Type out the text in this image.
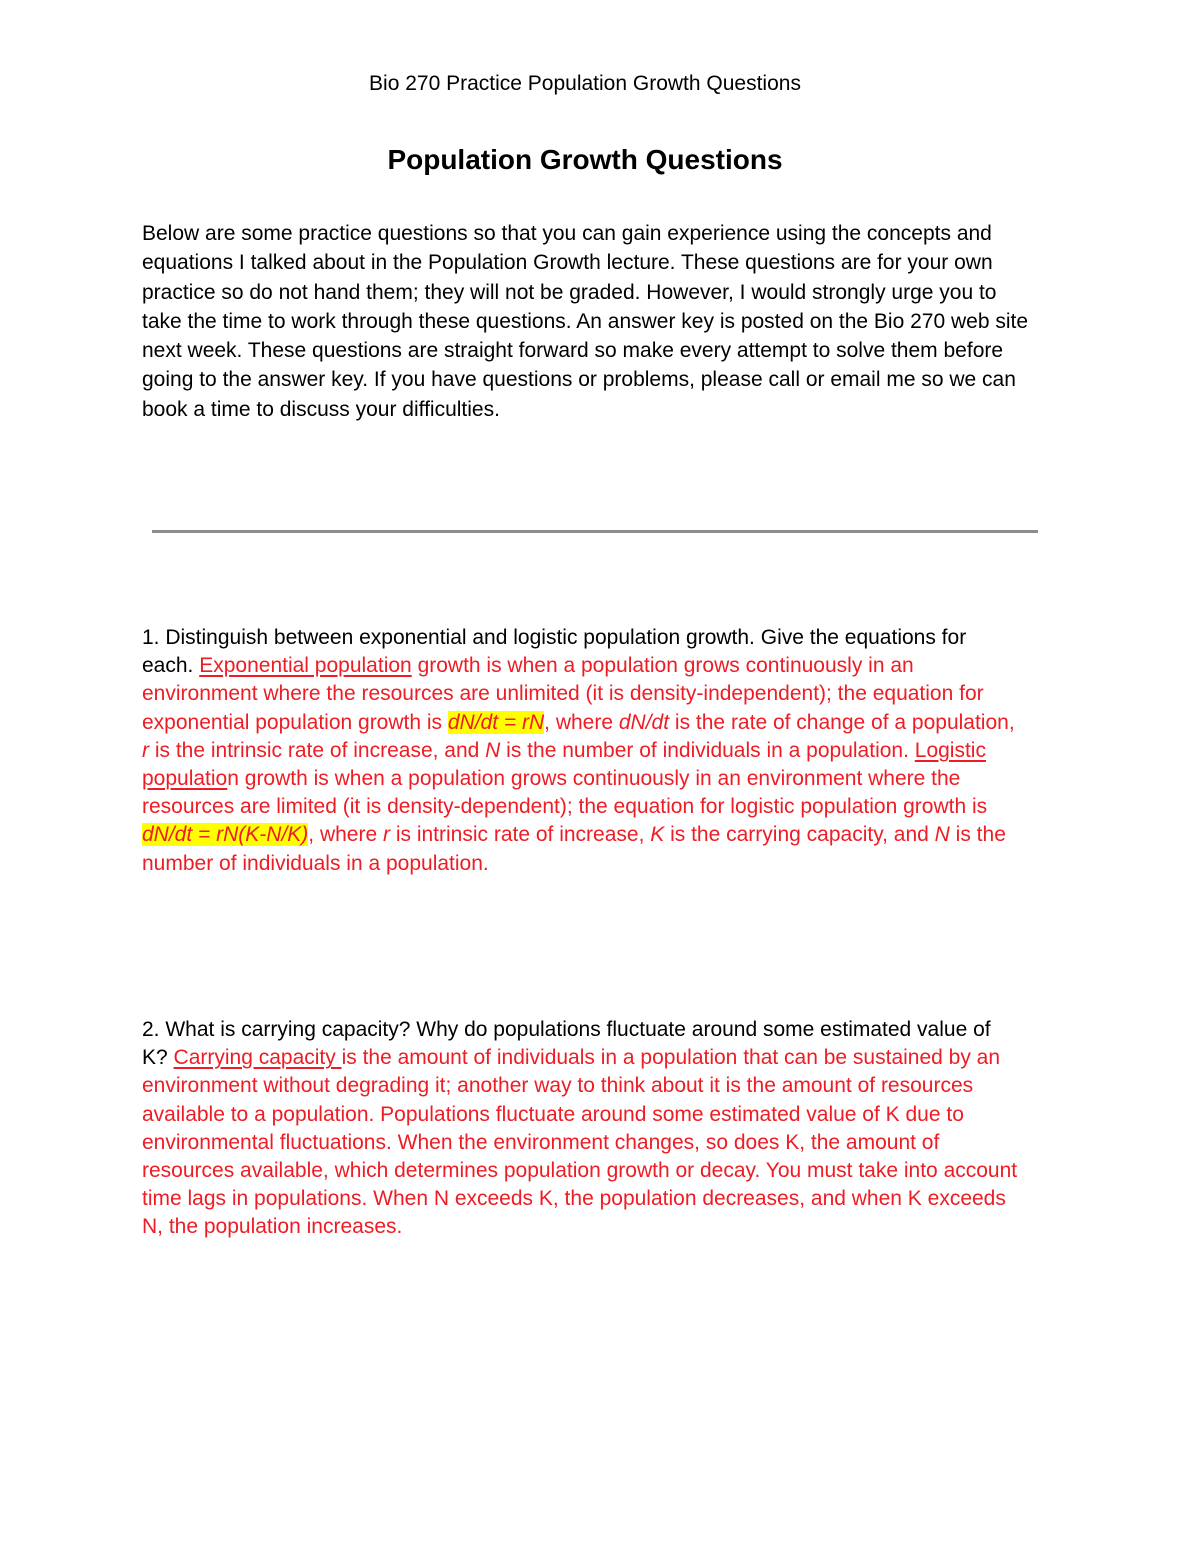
Bio 270 Practice Population Growth Questions
Population Growth Questions

Below are some practice questions so that you can gain experience using the concepts and equations I talked about in the Population Growth lecture. These questions are for your own practice so do not hand them; they will not be graded. However, I would strongly urge you to take the time to work through these questions. An answer key is posted on the Bio 270 web site next week. These questions are straight forward so make every attempt to solve them before going to the answer key. If you have questions or problems, please call or email me so we can book a time to discuss your difficulties.

1. Distinguish between exponential and logistic population growth. Give the equations for each. Exponential population growth is when a population grows continuously in an environment where the resources are unlimited (it is density-independent); the equation for exponential population growth is dN/dt = rN, where dN/dt is the rate of change of a population, r is the intrinsic rate of increase, and N is the number of individuals in a population. Logistic population growth is when a population grows continuously in an environment where the resources are limited (it is density-dependent); the equation for logistic population growth is dN/dt = rN(K-N/K), where r is intrinsic rate of increase, K is the carrying capacity, and N is the number of individuals in a population.

2. What is carrying capacity? Why do populations fluctuate around some estimated value of K? Carrying capacity is the amount of individuals in a population that can be sustained by an environment without degrading it; another way to think about it is the amount of resources available to a population. Populations fluctuate around some estimated value of K due to environmental fluctuations. When the environment changes, so does K, the amount of resources available, which determines population growth or decay. You must take into account time lags in populations. When N exceeds K, the population decreases, and when K exceeds N, the population increases.
